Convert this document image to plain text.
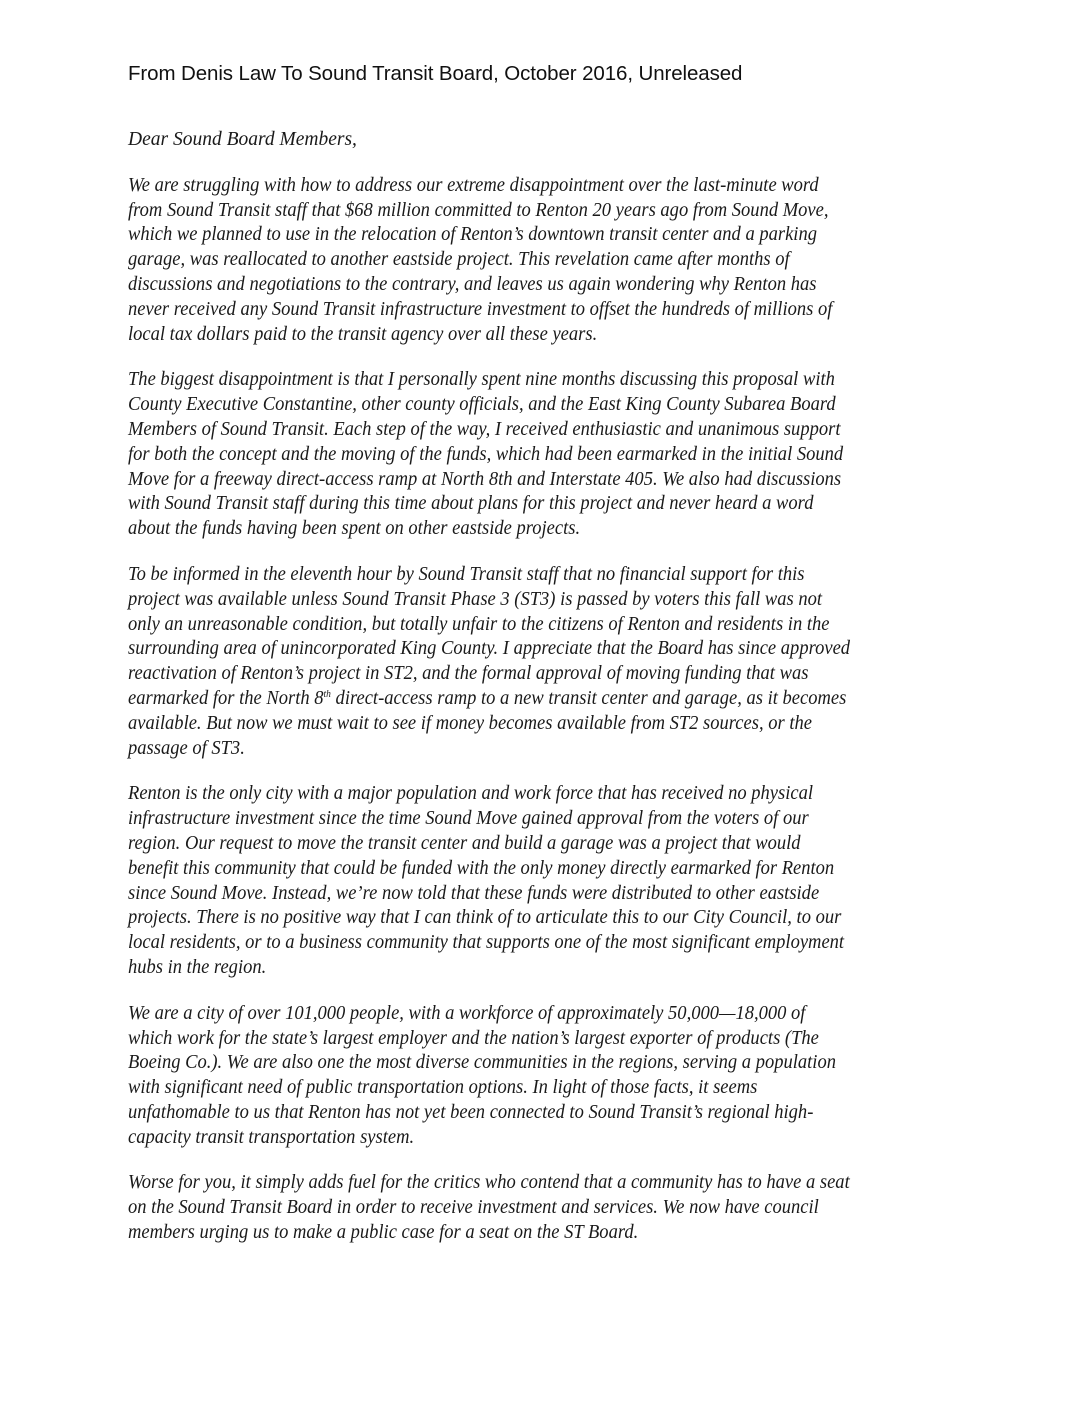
From Denis Law To Sound Transit Board, October 2016, Unreleased
Dear Sound Board Members,
We are struggling with how to address our extreme disappointment over the last-minute word
from Sound Transit staff that $68 million committed to Renton 20 years ago from Sound Move,
which we planned to use in the relocation of Renton’s downtown transit center and a parking
garage, was reallocated to another eastside project. This revelation came after months of
discussions and negotiations to the contrary, and leaves us again wondering why Renton has
never received any Sound Transit infrastructure investment to offset the hundreds of millions of
local tax dollars paid to the transit agency over all these years.
The biggest disappointment is that I personally spent nine months discussing this proposal with
County Executive Constantine, other county officials, and the East King County Subarea Board
Members of Sound Transit. Each step of the way, I received enthusiastic and unanimous support
for both the concept and the moving of the funds, which had been earmarked in the initial Sound
Move for a freeway direct-access ramp at North 8th and Interstate 405. We also had discussions
with Sound Transit staff during this time about plans for this project and never heard a word
about the funds having been spent on other eastside projects.
To be informed in the eleventh hour by Sound Transit staff that no financial support for this
project was available unless Sound Transit Phase 3 (ST3) is passed by voters this fall was not
only an unreasonable condition, but totally unfair to the citizens of Renton and residents in the
surrounding area of unincorporated King County. I appreciate that the Board has since approved
reactivation of Renton’s project in ST2, and the formal approval of moving funding that was
earmarked for the North 8th direct-access ramp to a new transit center and garage, as it becomes
available. But now we must wait to see if money becomes available from ST2 sources, or the
passage of ST3.
Renton is the only city with a major population and work force that has received no physical
infrastructure investment since the time Sound Move gained approval from the voters of our
region. Our request to move the transit center and build a garage was a project that would
benefit this community that could be funded with the only money directly earmarked for Renton
since Sound Move. Instead, we’re now told that these funds were distributed to other eastside
projects. There is no positive way that I can think of to articulate this to our City Council, to our
local residents, or to a business community that supports one of the most significant employment
hubs in the region.
We are a city of over 101,000 people, with a workforce of approximately 50,000—18,000 of
which work for the state’s largest employer and the nation’s largest exporter of products (The
Boeing Co.). We are also one the most diverse communities in the regions, serving a population
with significant need of public transportation options. In light of those facts, it seems
unfathomable to us that Renton has not yet been connected to Sound Transit’s regional high-
capacity transit transportation system.
Worse for you, it simply adds fuel for the critics who contend that a community has to have a seat
on the Sound Transit Board in order to receive investment and services. We now have council
members urging us to make a public case for a seat on the ST Board.
